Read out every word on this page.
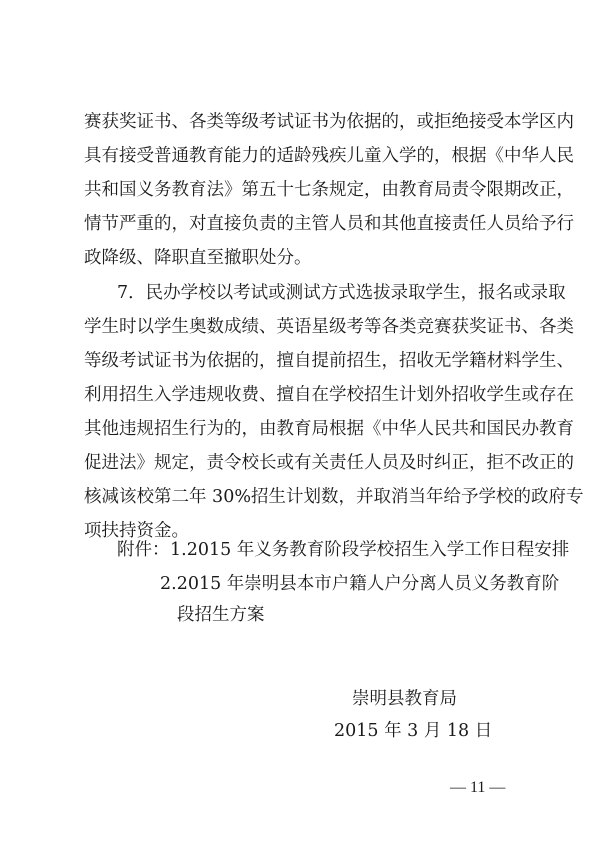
赛获奖证书、各类等级考试证书为依据的，或拒绝接受本学区内
具有接受普通教育能力的适龄残疾儿童入学的，根据《中华人民
共和国义务教育法》第五十七条规定，由教育局责令限期改正，
情节严重的，对直接负责的主管人员和其他直接责任人员给予行
政降级、降职直至撤职处分。
7．民办学校以考试或测试方式选拔录取学生，报名或录取
学生时以学生奥数成绩、英语星级考等各类竞赛获奖证书、各类
等级考试证书为依据的，擅自提前招生，招收无学籍材料学生、
利用招生入学违规收费、擅自在学校招生计划外招收学生或存在
其他违规招生行为的，由教育局根据《中华人民共和国民办教育
促进法》规定，责令校长或有关责任人员及时纠正，拒不改正的
核减该校第二年 30%招生计划数，并取消当年给予学校的政府专
项扶持资金。
附件： 1.2015 年义务教育阶段学校招生入学工作日程安排
2.2015 年崇明县本市户籍人户分离人员义务教育阶
段招生方案
崇明县教育局
2015 年 3 月 18 日
— 11 —
